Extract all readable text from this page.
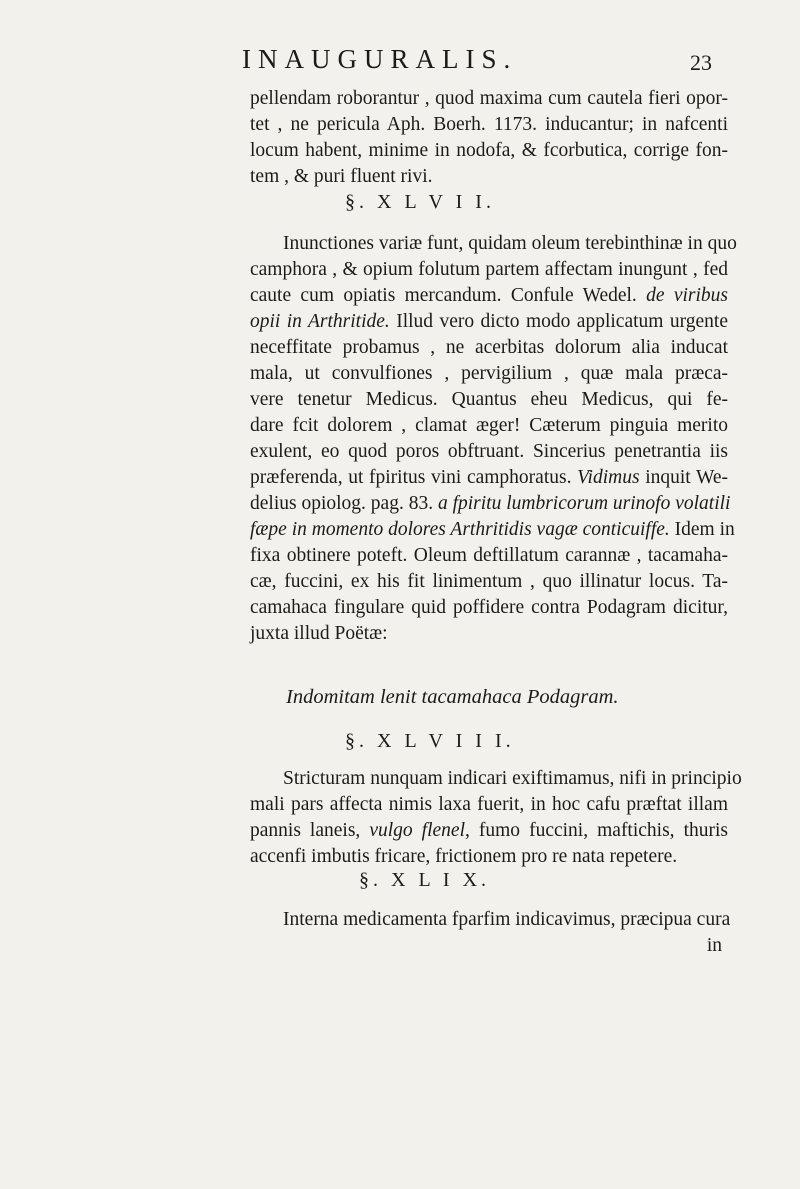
INAUGURALIS.	23
pellendam roborantur , quod maxima cum cautela fieri opor-
tet , ne pericula Aph. Boerh. 1173. inducantur; in nafcenti
locum habent, minime in nodofa, & fcorbutica, corrige fon-
tem , & puri fluent rivi.
§. X L V I I.
Inunctiones variæ funt, quidam oleum terebinthinæ in quo
camphora , & opium folutum partem affectam inungunt , fed
caute cum opiatis mercandum. Confule Wedel. de viribus
opii in Arthritide. Illud vero dicto modo applicatum urgente
neceffitate probamus , ne acerbitas dolorum alia inducat
mala, ut convulfiones , pervigilium , quæ mala præca-
vere tenetur Medicus. Quantus eheu Medicus, qui fe-
dare fcit dolorem , clamat æger! Cæterum pinguia merito
exulent, eo quod poros obftruant. Sincerius penetrantia iis
præferenda, ut fpiritus vini camphoratus. Vidimus inquit We-
delius opiolog. pag. 83. a fpiritu lumbricorum urinofo volatili
fæpe in momento dolores Arthritidis vagæ conticuiffe. Idem in
fixa obtinere poteft. Oleum deftillatum carannæ , tacamaha-
cæ, fuccini, ex his fit linimentum , quo illinatur locus. Ta-
camahaca fingulare quid poffidere contra Podagram dicitur,
juxta illud Poëtæ:
Indomitam lenit tacamahaca Podagram.
§. X L V I I I.
Stricturam nunquam indicari exiftimamus, nifi in principio
mali pars affecta nimis laxa fuerit, in hoc cafu præftat illam
pannis laneis, vulgo flenel, fumo fuccini, maftichis, thuris
accenfi imbutis fricare, frictionem pro re nata repetere.
§. X L I X.
Interna medicamenta fparfim indicavimus, præcipua cura
in
